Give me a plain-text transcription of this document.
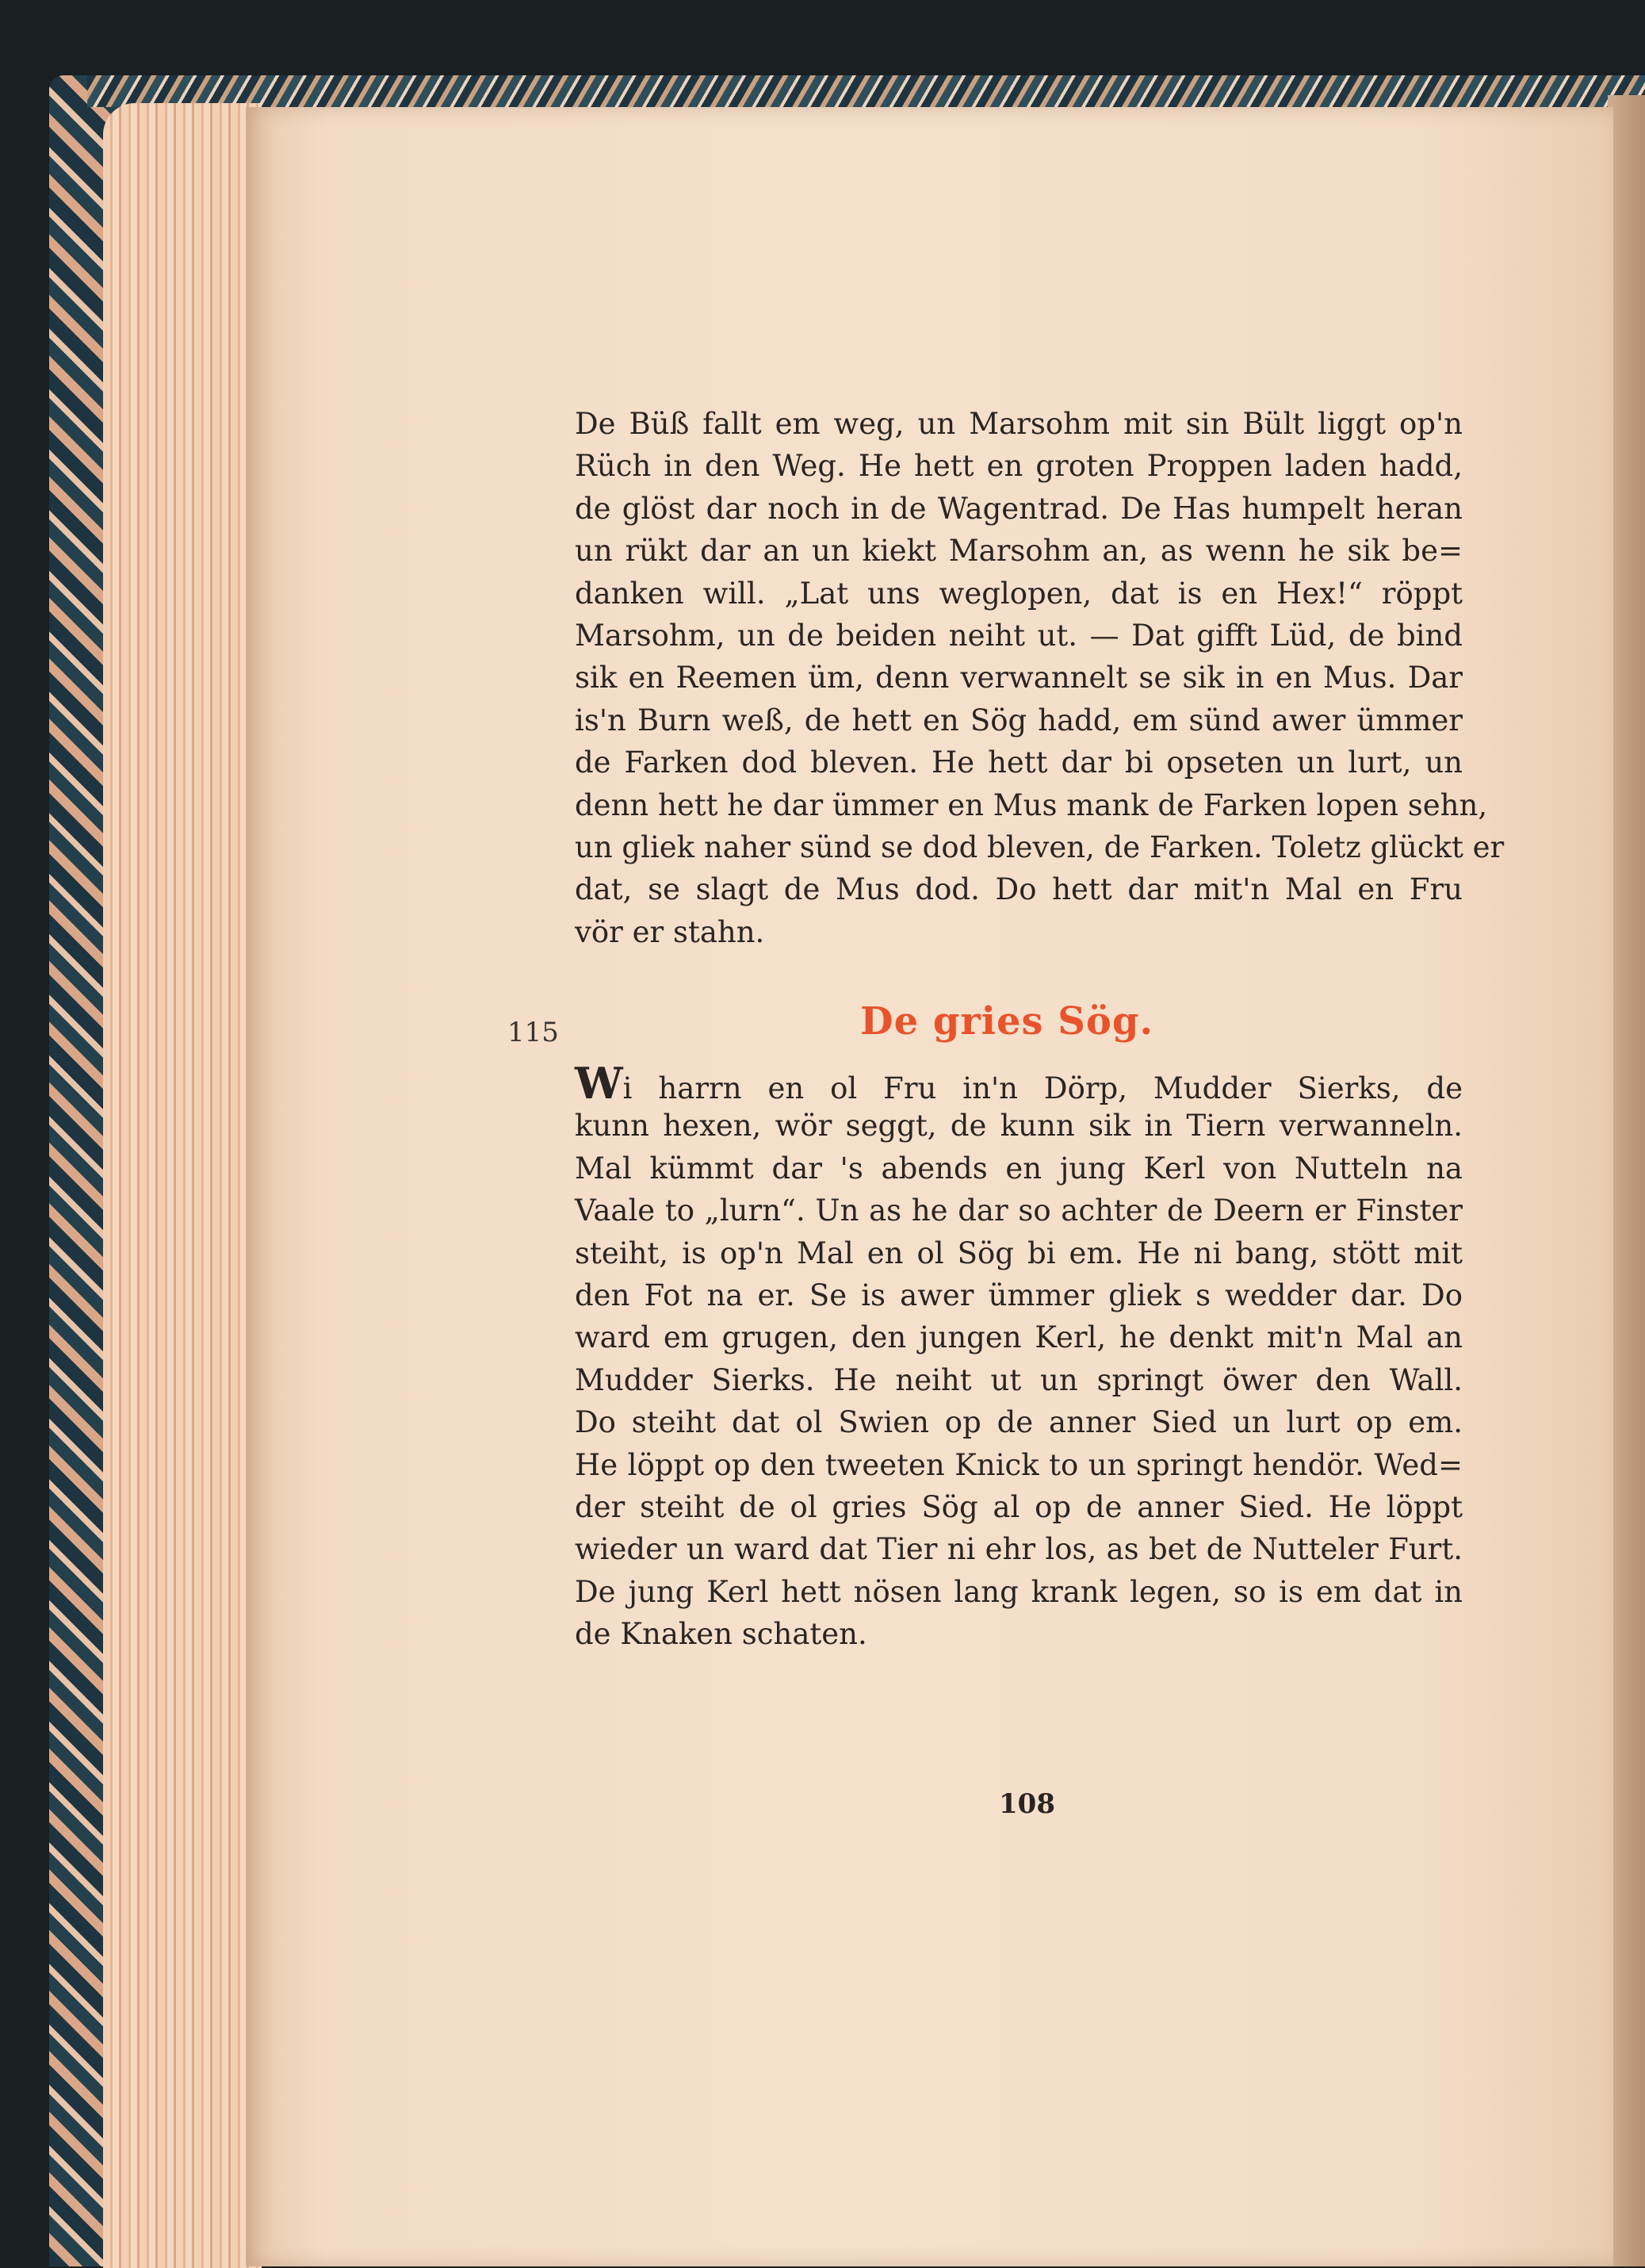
De Büß fallt em weg, un Marsohm mit sin Bült liggt op'n
Rüch in den Weg. He hett en groten Proppen laden hadd,
de glöst dar noch in de Wagentrad. De Has humpelt heran
un rükt dar an un kiekt Marsohm an, as wenn he sik be=
danken will. „Lat uns weglopen, dat is en Hex!“ röppt
Marsohm, un de beiden neiht ut. — Dat gifft Lüd, de bind
sik en Reemen üm, denn verwannelt se sik in en Mus. Dar
is'n Burn weß, de hett en Sög hadd, em sünd awer ümmer
de Farken dod bleven. He hett dar bi opseten un lurt, un
denn hett he dar ümmer en Mus mank de Farken lopen sehn,
un gliek naher sünd se dod bleven, de Farken. Toletz glückt er
dat, se slagt de Mus dod. Do hett dar mit'n Mal en Fru
vör er stahn.
115	De gries Sög.
Wi harrn en ol Fru in'n Dörp, Mudder Sierks, de
kunn hexen, wör seggt, de kunn sik in Tiern verwanneln.
Mal kümmt dar 's abends en jung Kerl von Nutteln na
Vaale to „lurn“. Un as he dar so achter de Deern er Finster
steiht, is op'n Mal en ol Sög bi em. He ni bang, stött mit
den Fot na er. Se is awer ümmer gliek s wedder dar. Do
ward em grugen, den jungen Kerl, he denkt mit'n Mal an
Mudder Sierks. He neiht ut un springt öwer den Wall.
Do steiht dat ol Swien op de anner Sied un lurt op em.
He löppt op den tweeten Knick to un springt hendör. Wed=
der steiht de ol gries Sög al op de anner Sied. He löppt
wieder un ward dat Tier ni ehr los, as bet de Nutteler Furt.
De jung Kerl hett nösen lang krank legen, so is em dat in
de Knaken schaten.
108
